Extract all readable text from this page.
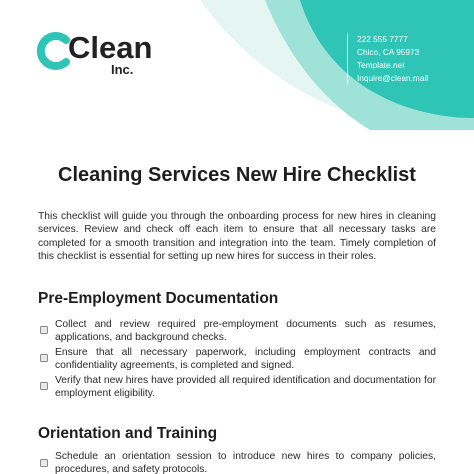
Clean
Inc.
222 555 7777
Chico, CA 95973
Template.net
Inquire@clean.mail
Cleaning Services New Hire Checklist
This checklist will guide you through the onboarding process for new hires in cleaning services. Review and check off each item to ensure that all necessary tasks are completed for a smooth transition and integration into the team. Timely completion of this checklist is essential for setting up new hires for success in their roles.
Pre-Employment Documentation
Collect and review required pre-employment documents such as resumes, applications, and background checks.
Ensure that all necessary paperwork, including employment contracts and confidentiality agreements, is completed and signed.
Verify that new hires have provided all required identification and documentation for employment eligibility.
Orientation and Training
Schedule an orientation session to introduce new hires to company policies, procedures, and safety protocols.
